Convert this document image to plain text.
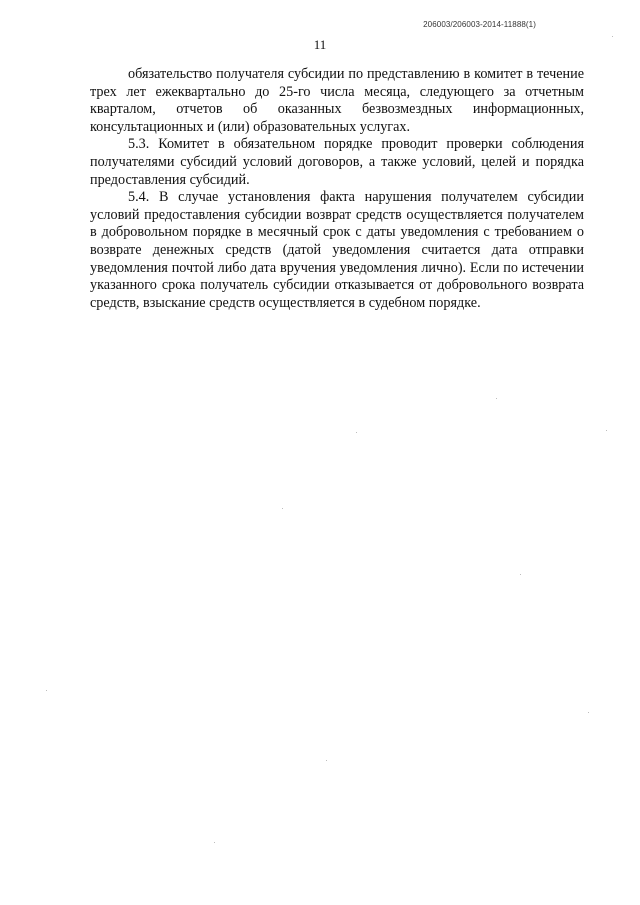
206003/206003-2014-11888(1)
11

обязательство получателя субсидии по представлению в комитет в течение трех лет ежеквартально до 25-го числа месяца, следующего за отчетным кварталом, отчетов об оказанных безвозмездных информационных, консультационных и (или) образовательных услугах.

5.3. Комитет в обязательном порядке проводит проверки соблюдения получателями субсидий условий договоров, а также условий, целей и порядка предоставления субсидий.

5.4. В случае установления факта нарушения получателем субсидии условий предоставления субсидии возврат средств осуществляется получателем в добровольном порядке в месячный срок с даты уведомления с требованием о возврате денежных средств (датой уведомления считается дата отправки уведомления почтой либо дата вручения уведомления лично). Если по истечении указанного срока получатель субсидии отказывается от добровольного возврата средств, взыскание средств осуществляется в судебном порядке.
